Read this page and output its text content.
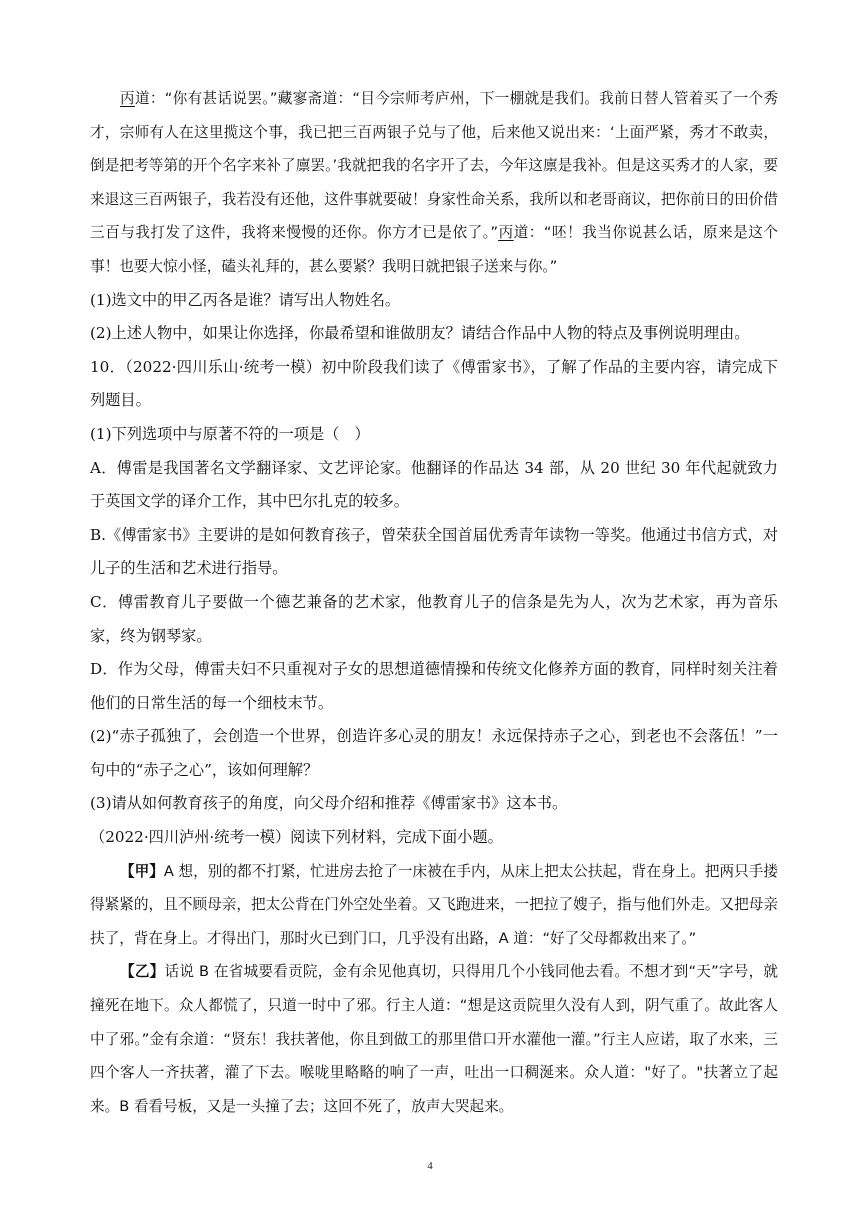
丙道：“你有甚话说罢。”藏寥斋道：“目今宗师考庐州，下一棚就是我们。我前日替人管着买了一个秀才，宗师有人在这里揽这个事，我已把三百两银子兑与了他，后来他又说出来：‘上面严紧，秀才不敢卖，倒是把考等第的开个名字来补了廪罢。’我就把我的名字开了去，今年这廪是我补。但是这买秀才的人家，要来退这三百两银子，我若没有还他，这件事就要破！身家性命关系，我所以和老哥商议，把你前日的田价借三百与我打发了这件，我将来慢慢的还你。你方才已是依了。”丙道：“呸！我当你说甚么话，原来是这个事！也要大惊小怪，磕头礼拜的，甚么要紧？我明日就把银子送来与你。”

(1)选文中的甲乙丙各是谁？请写出人物姓名。

(2)上述人物中，如果让你选择，你最希望和谁做朋友？请结合作品中人物的特点及事例说明理由。

10．（2022·四川乐山·统考一模）初中阶段我们读了《傅雷家书》，了解了作品的主要内容，请完成下列题目。

(1)下列选项中与原著不符的一项是（　）

A．傅雷是我国著名文学翻译家、文艺评论家。他翻译的作品达 34 部，从 20 世纪 30 年代起就致力于英国文学的译介工作，其中巴尔扎克的较多。

B.《傅雷家书》主要讲的是如何教育孩子，曾荣获全国首届优秀青年读物一等奖。他通过书信方式，对儿子的生活和艺术进行指导。

C．傅雷教育儿子要做一个德艺兼备的艺术家，他教育儿子的信条是先为人，次为艺术家，再为音乐家，终为钢琴家。

D．作为父母，傅雷夫妇不只重视对子女的思想道德情操和传统文化修养方面的教育，同样时刻关注着他们的日常生活的每一个细枝末节。

(2)“赤子孤独了，会创造一个世界，创造许多心灵的朋友！永远保持赤子之心，到老也不会落伍！”一句中的“赤子之心”，该如何理解？

(3)请从如何教育孩子的角度，向父母介绍和推荐《傅雷家书》这本书。

（2022·四川泸州·统考一模）阅读下列材料，完成下面小题。

【甲】A 想，别的都不打紧，忙进房去抢了一床被在手内，从床上把太公扶起，背在身上。把两只手搂得紧紧的，且不顾母亲，把太公背在门外空处坐着。又飞跑进来，一把拉了嫂子，指与他们外走。又把母亲扶了，背在身上。才得出门，那时火已到门口，几乎没有出路，A 道：“好了父母都救出来了。”

【乙】话说 B 在省城要看贡院，金有余见他真切，只得用几个小钱同他去看。不想才到“天”字号，就撞死在地下。众人都慌了，只道一时中了邪。行主人道：“想是这贡院里久没有人到，阴气重了。故此客人中了邪。”金有余道：“贤东！我扶著他，你且到做工的那里借口开水灌他一灌。”行主人应诺，取了水来，三四个客人一齐扶著，灌了下去。喉咙里略略的响了一声，吐出一口稠涎来。众人道："好了。"扶著立了起来。B 看看号板，又是一头撞了去；这回不死了，放声大哭起来。

4
